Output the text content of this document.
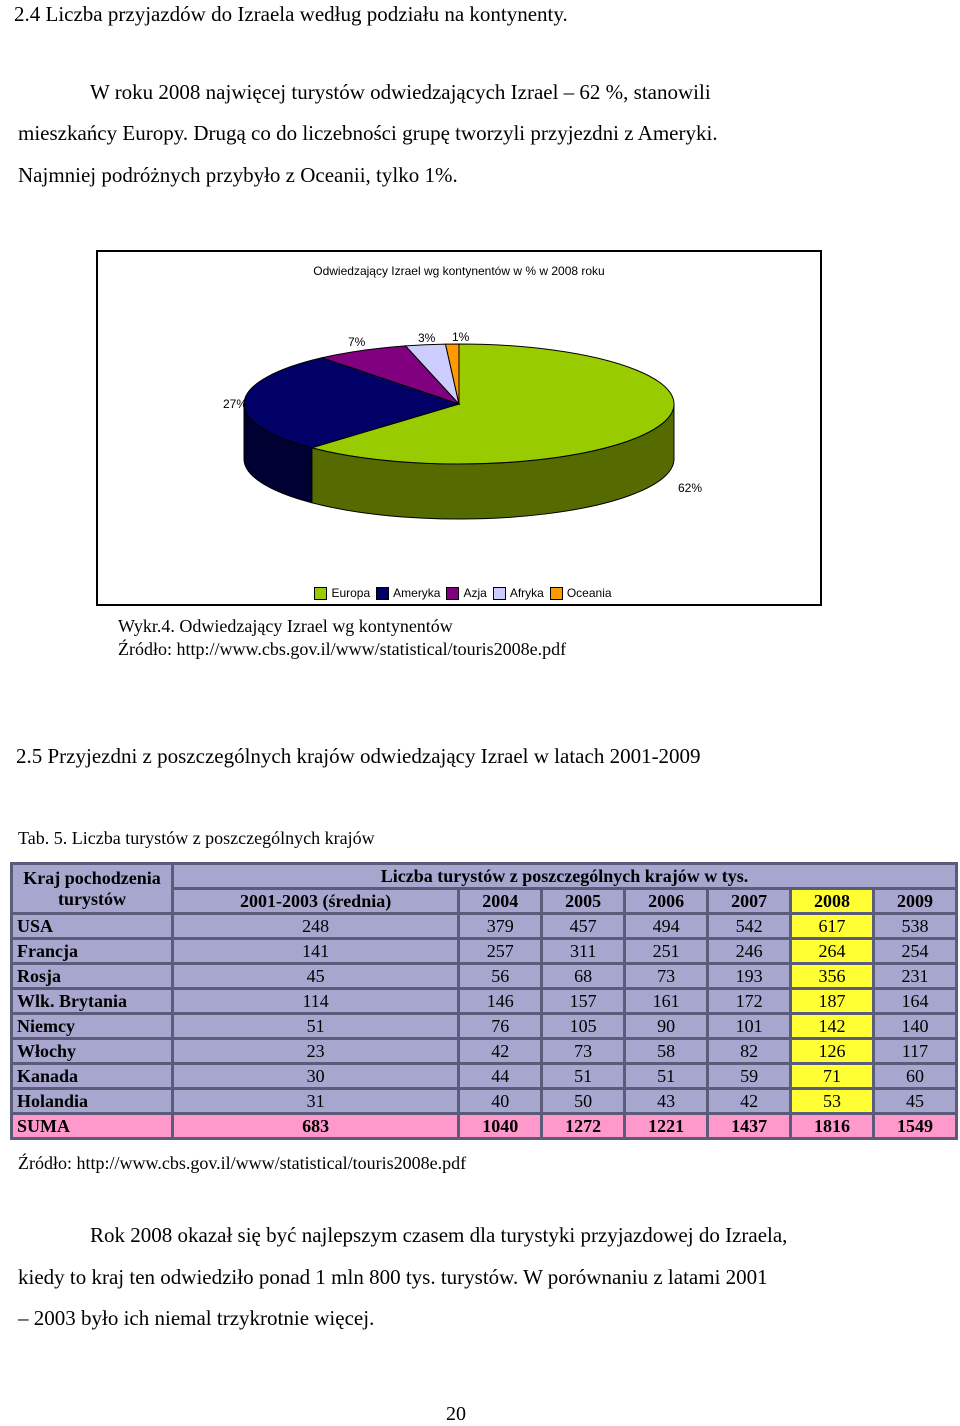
2.4 Liczba przyjazdów do Izraela według podziału na kontynenty.
W roku 2008 najwięcej turystów odwiedzających Izrael – 62 %, stanowili
mieszkańcy Europy. Drugą co do liczebności grupę tworzyli przyjezdni z Ameryki.
Najmniej podróżnych przybyło z Oceanii, tylko 1%.
Odwiedzający Izrael wg kontynentów w % w 2008 roku
62%
27%
7%	3% 1%
Europa Ameryka Azja Afryka Oceania
Wykr.4. Odwiedzający Izrael wg kontynentów
Źródło: http://www.cbs.gov.il/www/statistical/touris2008e.pdf
2.5 Przyjezdni z poszczególnych krajów odwiedzający Izrael w latach 2001-2009
Tab. 5. Liczba turystów z poszczególnych krajów
Kraj pochodzenia turystów	Liczba turystów z poszczególnych krajów w tys.						
	2001-2003 (średnia)	2004	2005	2006	2007	2008	2009
USA	248	379	457	494	542	617	538
Francja	141	257	311	251	246	264	254
Rosja	45	56	68	73	193	356	231
Wlk. Brytania	114	146	157	161	172	187	164
Niemcy	51	76	105	90	101	142	140
Włochy	23	42	73	58	82	126	117
Kanada	30	44	51	51	59	71	60
Holandia	31	40	50	43	42	53	45
SUMA	683	1040	1272	1221	1437	1816	1549
Źródło: http://www.cbs.gov.il/www/statistical/touris2008e.pdf
Rok 2008 okazał się być najlepszym czasem dla turystyki przyjazdowej do Izraela,
kiedy to kraj ten odwiedziło ponad 1 mln 800 tys. turystów. W porównaniu z latami 2001
– 2003 było ich niemal trzykrotnie więcej.
20
